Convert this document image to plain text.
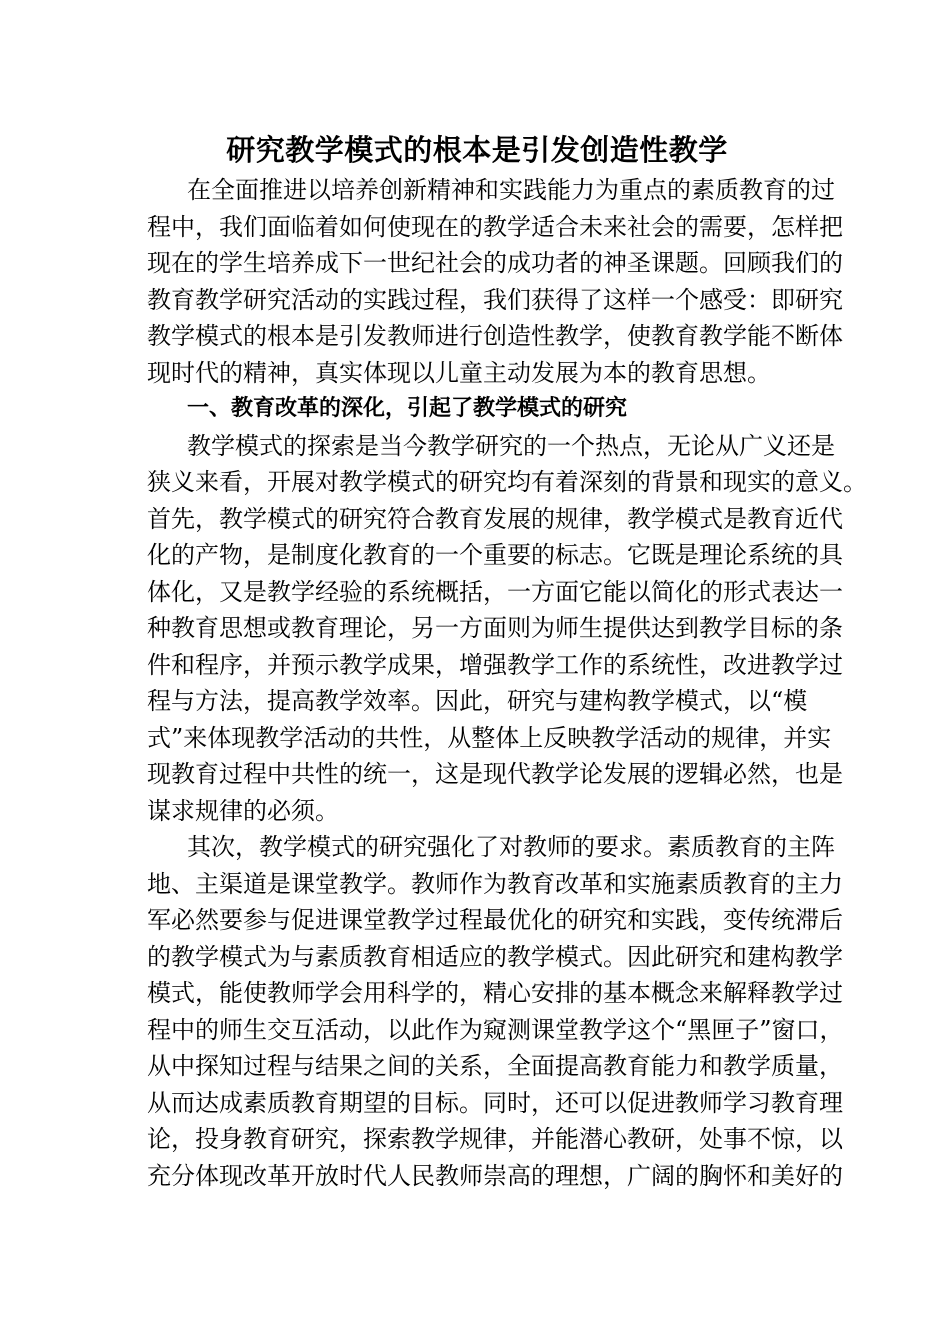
研究教学模式的根本是引发创造性教学

在全面推进以培养创新精神和实践能力为重点的素质教育的过

程中，我们面临着如何使现在的教学适合未来社会的需要，怎样把

现在的学生培养成下一世纪社会的成功者的神圣课题。回顾我们的

教育教学研究活动的实践过程，我们获得了这样一个感受：即研究

教学模式的根本是引发教师进行创造性教学，使教育教学能不断体

现时代的精神，真实体现以儿童主动发展为本的教育思想。

一、教育改革的深化，引起了教学模式的研究

教学模式的探索是当今教学研究的一个热点，无论从广义还是

狭义来看，开展对教学模式的研究均有着深刻的背景和现实的意义。

首先，教学模式的研究符合教育发展的规律，教学模式是教育近代

化的产物，是制度化教育的一个重要的标志。它既是理论系统的具

体化，又是教学经验的系统概括，一方面它能以简化的形式表达一

种教育思想或教育理论，另一方面则为师生提供达到教学目标的条

件和程序，并预示教学成果，增强教学工作的系统性，改进教学过

程与方法，提高教学效率。因此，研究与建构教学模式，以“模

式”来体现教学活动的共性，从整体上反映教学活动的规律，并实

现教育过程中共性的统一，这是现代教学论发展的逻辑必然，也是

谋求规律的必须。

其次，教学模式的研究强化了对教师的要求。素质教育的主阵

地、主渠道是课堂教学。教师作为教育改革和实施素质教育的主力

军必然要参与促进课堂教学过程最优化的研究和实践，变传统滞后

的教学模式为与素质教育相适应的教学模式。因此研究和建构教学

模式，能使教师学会用科学的，精心安排的基本概念来解释教学过

程中的师生交互活动，以此作为窥测课堂教学这个“黑匣子”窗口，

从中探知过程与结果之间的关系，全面提高教育能力和教学质量，

从而达成素质教育期望的目标。同时，还可以促进教师学习教育理

论，投身教育研究，探索教学规律，并能潜心教研，处事不惊，以

充分体现改革开放时代人民教师崇高的理想，广阔的胸怀和美好的
